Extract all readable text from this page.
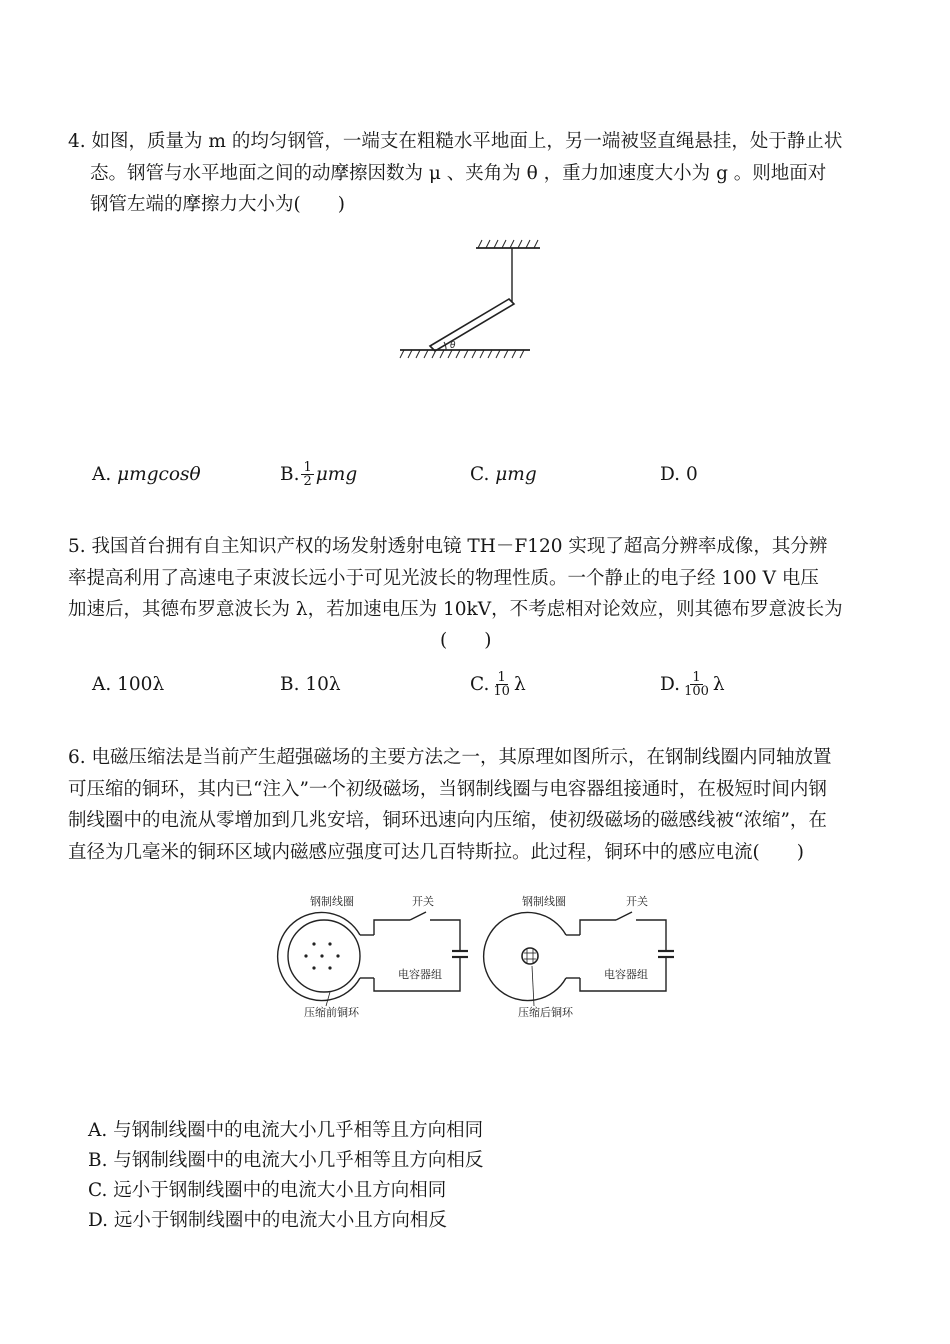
4. 如图，质量为 m 的均匀钢管，一端支在粗糙水平地面上，另一端被竖直绳悬挂，处于静止状

态。钢管与水平地面之间的动摩擦因数为 μ 、夹角为 θ ，重力加速度大小为 g 。则地面对

钢管左端的摩擦力大小为(　　)

θ
A.
μmgcosθ	B. $\frac{1}{2}$ μmg	C.
μmg	D.
0

5. 我国首台拥有自主知识产权的场发射透射电镜 TH－F120 实现了超高分辨率成像，其分辨

率提高利用了高速电子束波长远小于可见光波长的物理性质。一个静止的电子经 100 V 电压

加速后，其德布罗意波长为 λ，若加速电压为 10kV，不考虑相对论效应，则其德布罗意波长为

(　　)
A.
100λ	B.
10λ	C. $\frac{1}{10}$ λ	D. $\frac{1}{100}$ λ

6. 电磁压缩法是当前产生超强磁场的主要方法之一，其原理如图所示，在钢制线圈内同轴放置

可压缩的铜环，其内已“注入”一个初级磁场，当钢制线圈与电容器组接通时，在极短时间内钢

制线圈中的电流从零增加到几兆安培，铜环迅速向内压缩，使初级磁场的磁感线被“浓缩”，在

直径为几毫米的铜环区域内磁感应强度可达几百特斯拉。此过程，铜环中的感应电流(　　)

钢制线圈	开关
电容器组
压缩前铜环
钢制线圈	开关
电容器组
压缩后铜环
A. 与钢制线圈中的电流大小几乎相等且方向相同
B. 与钢制线圈中的电流大小几乎相等且方向相反
C. 远小于钢制线圈中的电流大小且方向相同
D. 远小于钢制线圈中的电流大小且方向相反
